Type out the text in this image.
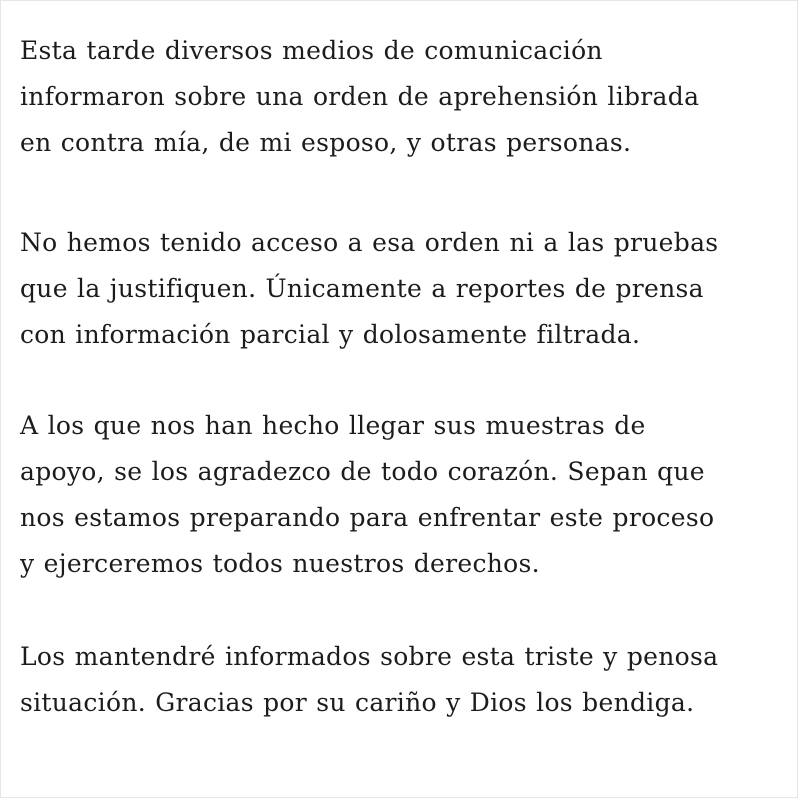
Esta tarde diversos medios de comunicación
informaron sobre una orden de aprehensión librada
en contra mía, de mi esposo, y otras personas.

No hemos tenido acceso a esa orden ni a las pruebas
que la justifiquen. Únicamente a reportes de prensa
con información parcial y dolosamente filtrada.

A los que nos han hecho llegar sus muestras de
apoyo, se los agradezco de todo corazón. Sepan que
nos estamos preparando para enfrentar este proceso
y ejerceremos todos nuestros derechos.

Los mantendré informados sobre esta triste y penosa
situación. Gracias por su cariño y Dios los bendiga.
